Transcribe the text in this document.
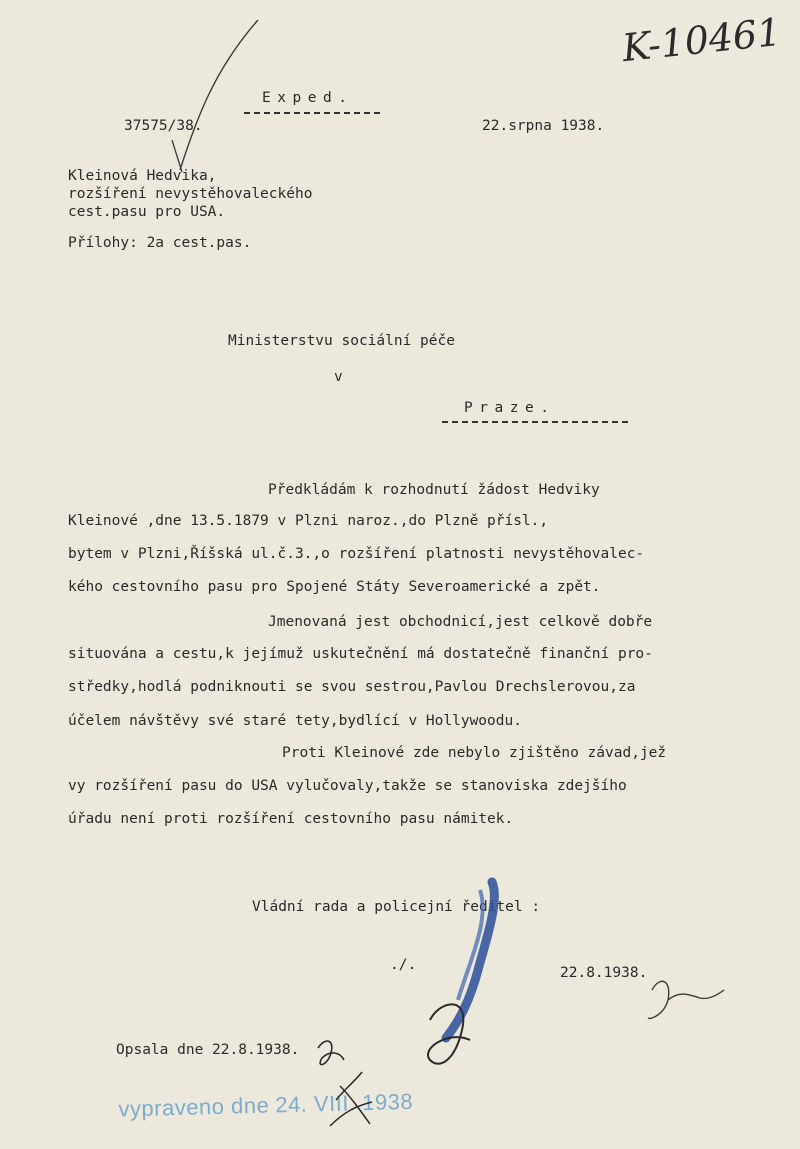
K-10461
Exped.
37575/38.	22.srpna 1938.
Kleinová Hedvika,
rozšíření nevystěhovaleckého
cest.pasu pro USA.
Přílohy: 2a cest.pas.
Ministerstvu sociální péče
v
Praze.
Předkládám k rozhodnutí žádost Hedviky
Kleinové ,dne 13.5.1879 v Plzni naroz.,do Plzně přísl.,
bytem v Plzni,Říšská ul.č.3.,o rozšíření platnosti nevystěhovalec-
kého cestovního pasu pro Spojené Státy Severoamerické a zpět.
Jmenovaná jest obchodnicí,jest celkově dobře
situována a cestu,k jejímuž uskutečnění má dostatečně finanční pro-
středky,hodlá podniknouti se svou sestrou,Pavlou Drechslerovou,za
účelem návštěvy své staré tety,bydlící v Hollywoodu.
Proti Kleinové zde nebylo zjištěno závad,jež
vy rozšíření pasu do USA vylučovaly,takže se stanoviska zdejšího
úřadu není proti rozšíření cestovního pasu námitek.
Vládní rada a policejní ředitel :
./.	22.8.1938.
Opsala dne 22.8.1938.

vypraveno dne 24. VIII. 1938
